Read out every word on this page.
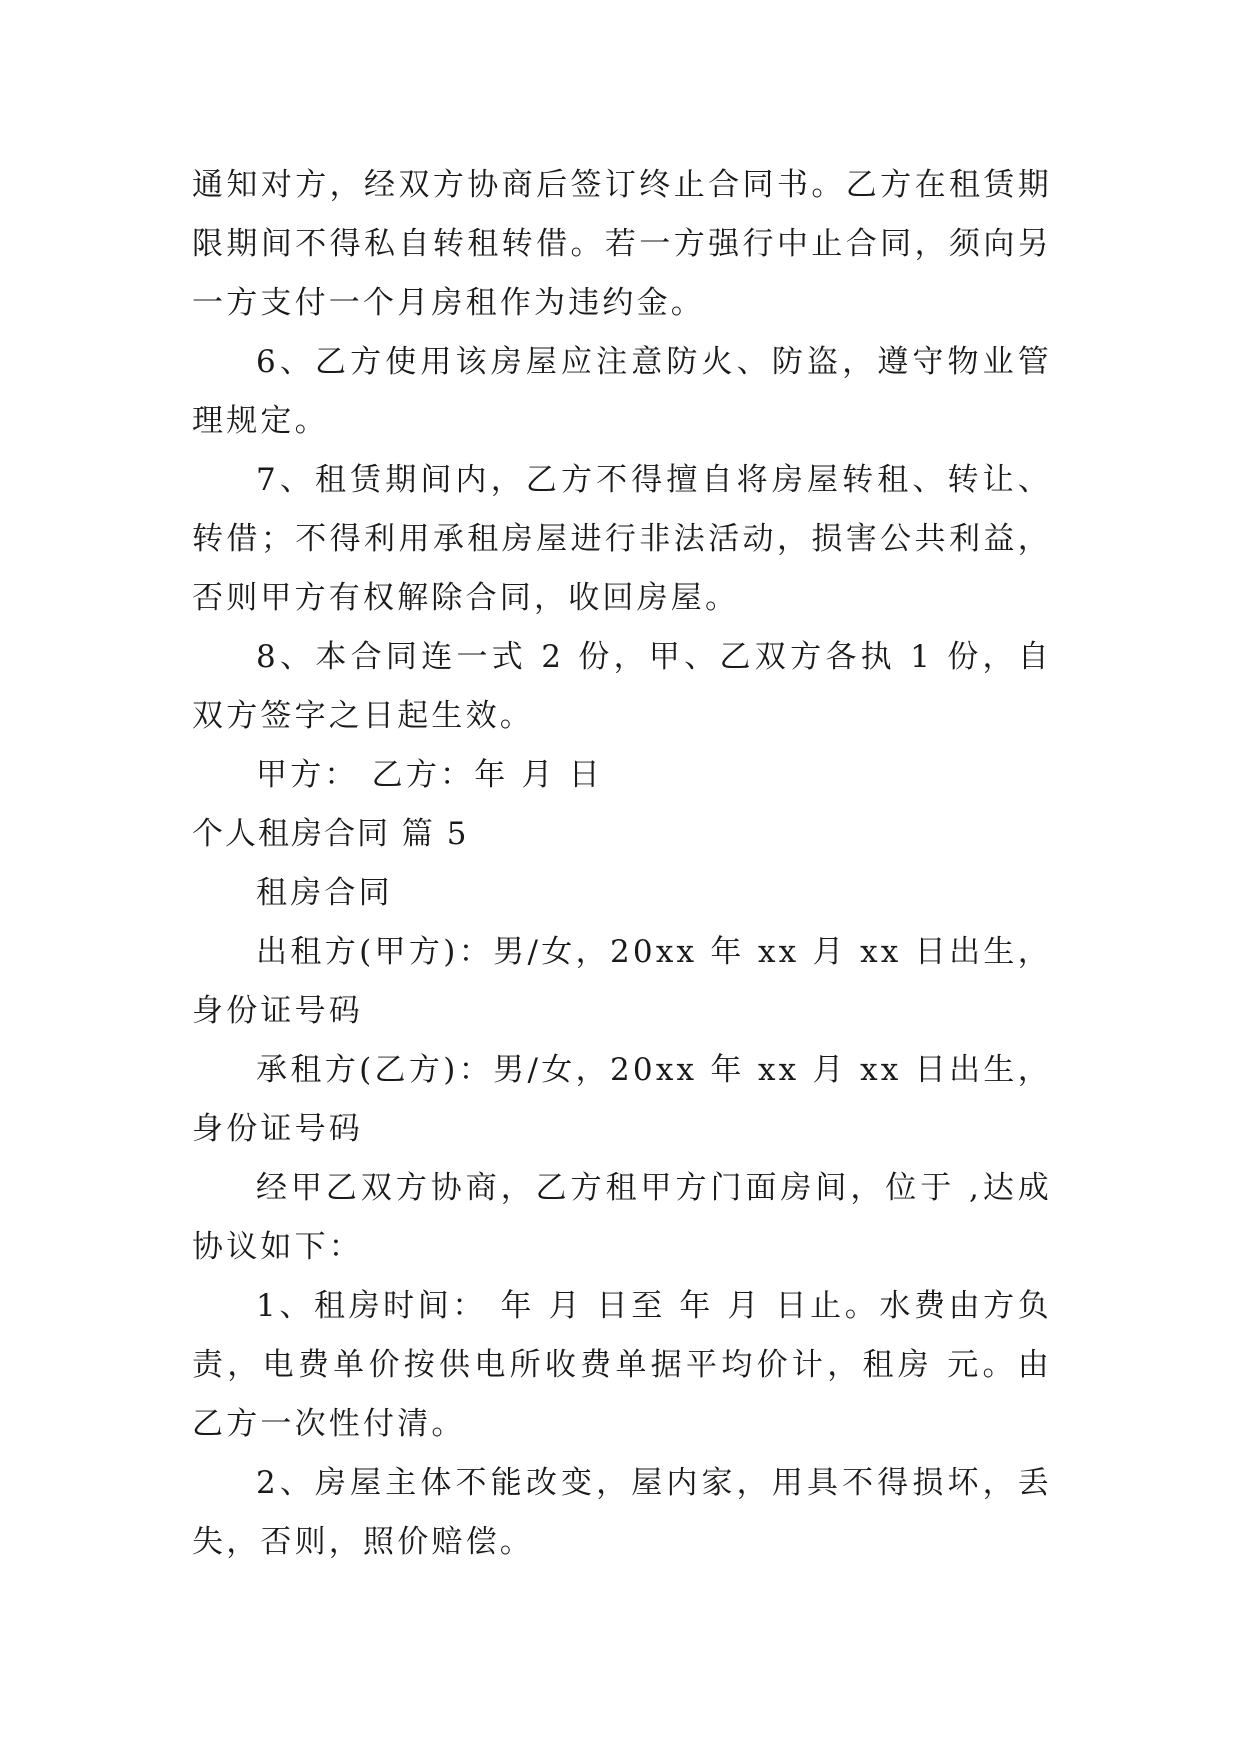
通知对方，经双方协商后签订终止合同书。乙方在租赁期限期间不得私自转租转借。若一方强行中止合同，须向另一方支付一个月房租作为违约金。

6、乙方使用该房屋应注意防火、防盗，遵守物业管理规定。

7、租赁期间内，乙方不得擅自将房屋转租、转让、转借；不得利用承租房屋进行非法活动，损害公共利益，否则甲方有权解除合同，收回房屋。

8、本合同连一式 2 份，甲、乙双方各执 1 份，自双方签字之日起生效。

甲方： 乙方：年 月 日

个人租房合同 篇 5

租房合同

出租方(甲方)：男/女，20xx 年 xx 月 xx 日出生，身份证号码

承租方(乙方)：男/女，20xx 年 xx 月 xx 日出生，身份证号码

经甲乙双方协商，乙方租甲方门面房间，位于 ,达成协议如下：

1、租房时间： 年 月 日至 年 月 日止。水费由方负责，电费单价按供电所收费单据平均价计，租房 元。由乙方一次性付清。

2、房屋主体不能改变，屋内家，用具不得损坏，丢失，否则，照价赔偿。
